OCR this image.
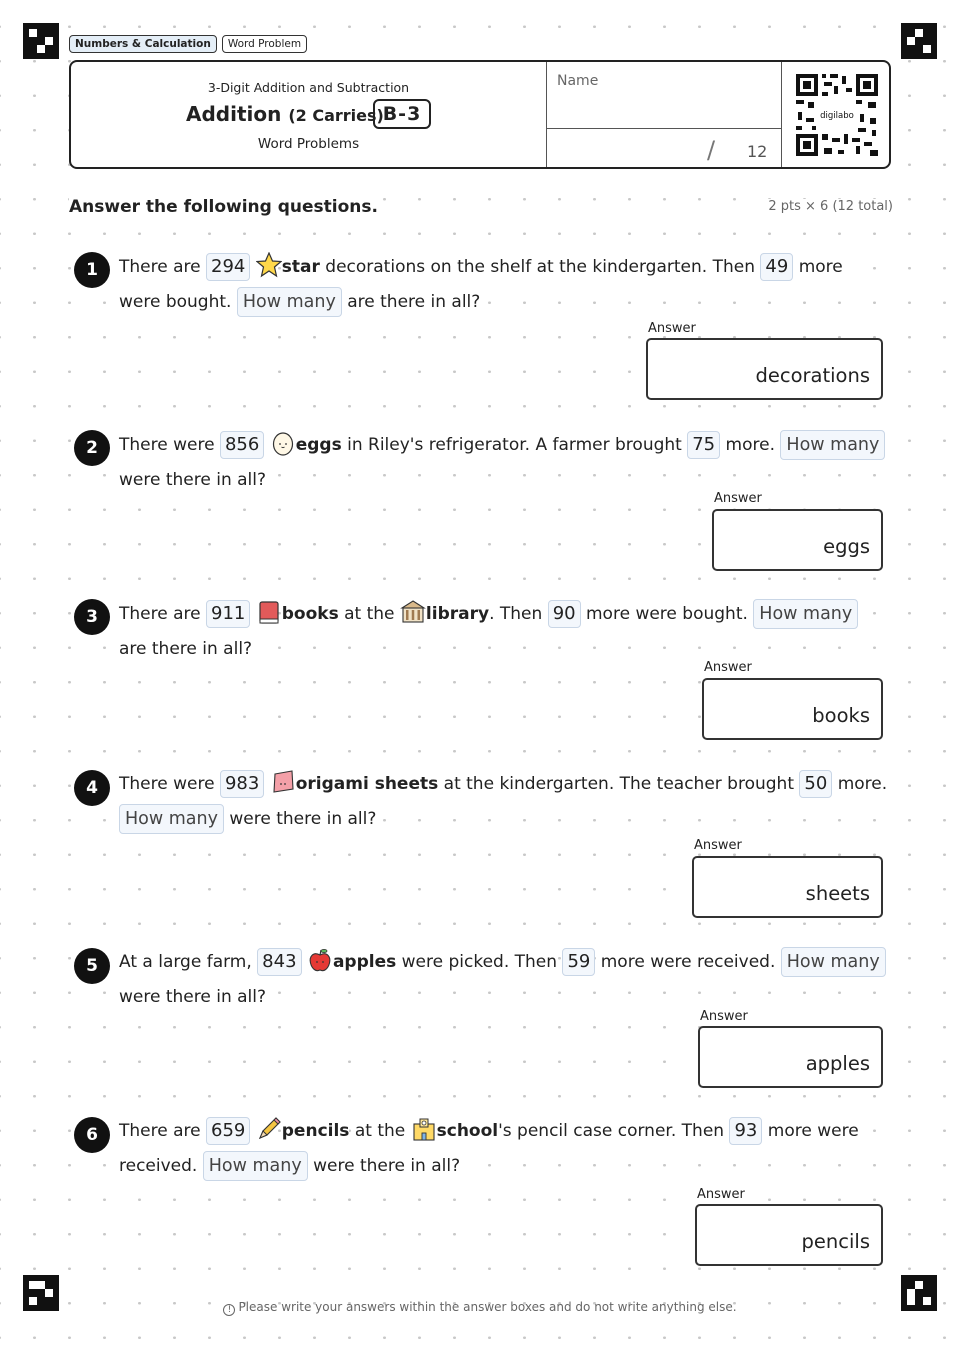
Numbers & Calculation	Word Problem
3-Digit Addition and Subtraction
Addition (2 Carries)
B-3
Word Problems
Name
/ 12
digilabo
Answer the following questions.	2 pts × 6 (12 total)
1	There are 294 star decorations on the shelf at the kindergarten. Then 49 more were bought. How many are there in all?
Answer
decorations
2	There were 856 eggs in Riley's refrigerator. A farmer brought 75 more. How many were there in all?
Answer
eggs
3	There are 911 books at the library. Then 90 more were bought. How many are there in all?
Answer
books
4	There were 983 origami sheets at the kindergarten. The teacher brought 50 more. How many were there in all?
Answer
sheets
5	At a large farm, 843 apples were picked. Then 59 more were received. How many were there in all?
Answer
apples
6	There are 659 pencils at the school's pencil case corner. Then 93 more were received. How many were there in all?
Answer
pencils
! Please write your answers within the answer boxes and do not write anything else.
